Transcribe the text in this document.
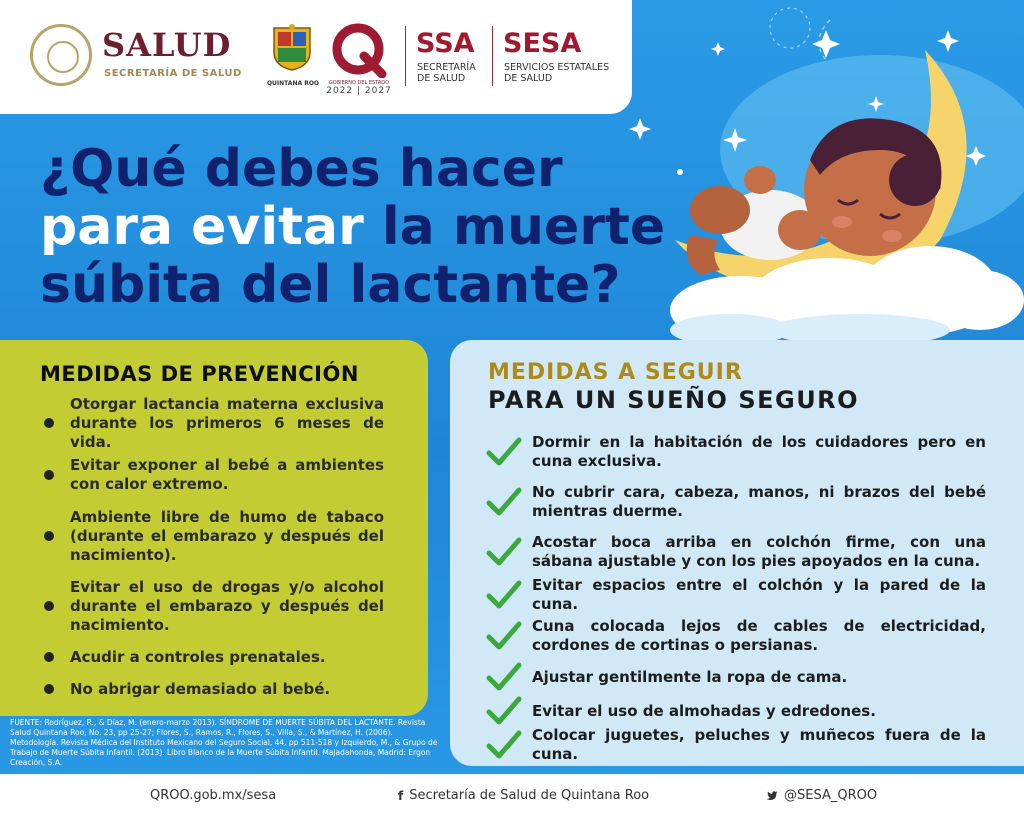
SALUD
SECRETARÍA DE SALUD
QUINTANA ROO	GOBIERNO DEL ESTADO
2022 | 2027
SSA
SECRETARÍA
DE SALUD
SESA
SERVICIOS ESTATALES
DE SALUD
¿Qué debes hacer
para evitar la muerte
súbita del lactante?
MEDIDAS DE PREVENCIÓN
Otorgar lactancia materna exclusiva durante los primeros 6 meses de vida.
Evitar exponer al bebé a ambientes con calor extremo.
Ambiente libre de humo de tabaco (durante el embarazo y después del nacimiento).
Evitar el uso de drogas y/o alcohol durante el embarazo y después del nacimiento.
Acudir a controles prenatales.
No abrigar demasiado al bebé.
MEDIDAS A SEGUIR
PARA UN SUEÑO SEGURO
Dormir en la habitación de los cuidadores pero en cuna exclusiva.
No cubrir cara, cabeza, manos, ni brazos del bebé mientras duerme.
Acostar boca arriba en colchón firme, con una sábana ajustable y con los pies apoyados en la cuna.
Evitar espacios entre el colchón y la pared de la cuna.
Cuna colocada lejos de cables de electricidad, cordones de cortinas o persianas.
Ajustar gentilmente la ropa de cama.
Evitar el uso de almohadas y edredones.
Colocar juguetes, peluches y muñecos fuera de la cuna.
FUENTE: Rodríguez, R., & Díaz, M. (enero-marzo 2013). SÍNDROME DE MUERTE SÚBITA DEL LACTANTE. Revista Salud Quintana Roo, No. 23, pp 25-27; Flores, S., Ramos, R., Flores, S., Villa, S., & Martínez, H. (2006). Metodología. Revista Médica del Instituto Mexicano del Seguro Social, 44, pp 511-518 y Izquierdo, M., & Grupo de Trabajo de Muerte Súbita Infantil. (2013). Libro Blanco de la Muerte Súbita Infantil. Majadahonda, Madrid: Ergon Creación, S.A.
QROO.gob.mx/sesa	f Secretaría de Salud de Quintana Roo	@SESA_QROO
